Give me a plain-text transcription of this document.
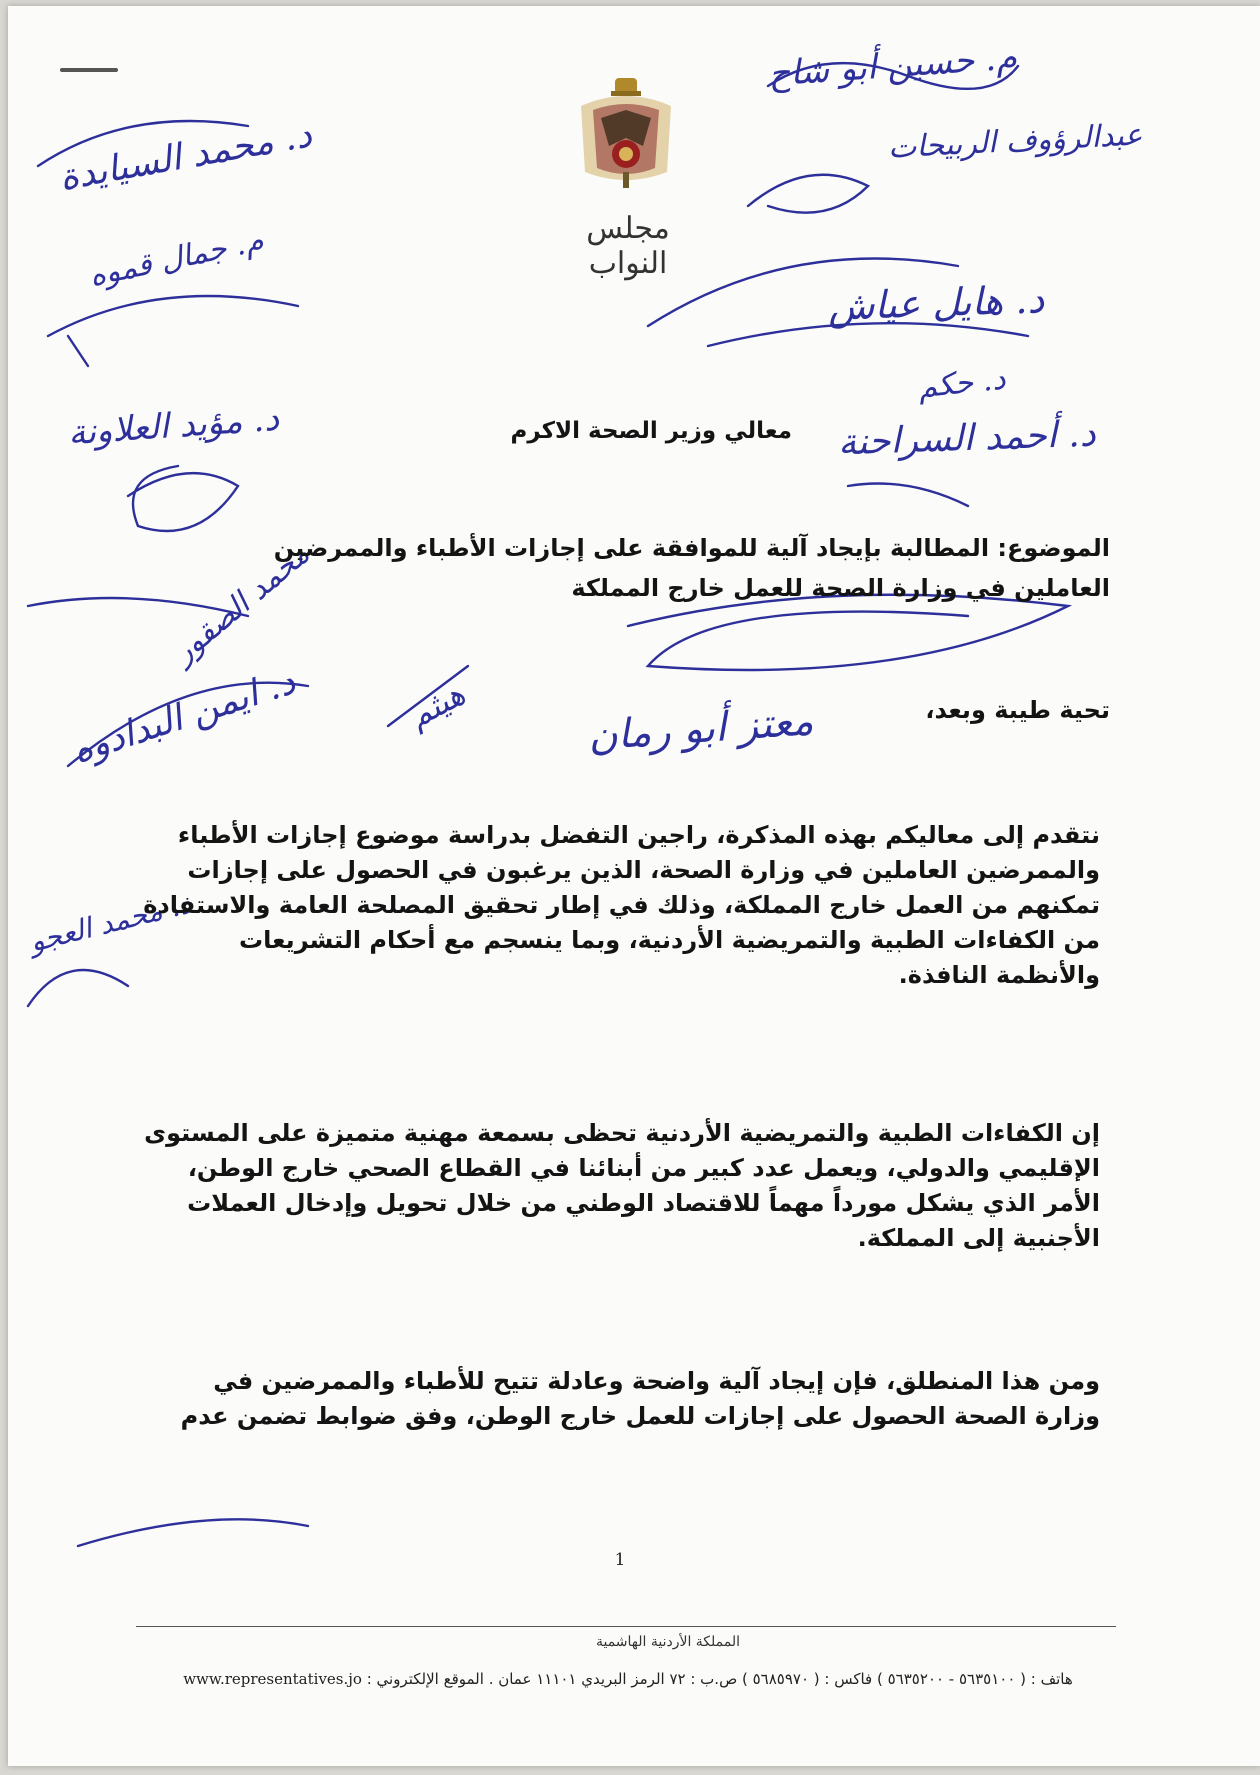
مجلس النواب
م. حسين أبو شاح
عبدالرؤوف الربيحات
د. محمد السيايدة
م. جمال قموه
د. هايل عياش
د. حكم
د. أحمد السراحنة
د. مؤيد العلاونة
محمد الصقور
د. ايمن البدادوه	هيثم	معتز أبو رمان
د. محمد العجو
معالي وزير الصحة الاكرم
الموضوع: المطالبة بإيجاد آلية للموافقة على إجازات الأطباء والممرضين العاملين في وزارة الصحة للعمل خارج المملكة
تحية طيبة وبعد،
نتقدم إلى معاليكم بهذه المذكرة، راجين التفضل بدراسة موضوع إجازات الأطباء والممرضين العاملين في وزارة الصحة، الذين يرغبون في الحصول على إجازات تمكنهم من العمل خارج المملكة، وذلك في إطار تحقيق المصلحة العامة والاستفادة من الكفاءات الطبية والتمريضية الأردنية، وبما ينسجم مع أحكام التشريعات والأنظمة النافذة.
إن الكفاءات الطبية والتمريضية الأردنية تحظى بسمعة مهنية متميزة على المستوى الإقليمي والدولي، ويعمل عدد كبير من أبنائنا في القطاع الصحي خارج الوطن، الأمر الذي يشكل مورداً مهماً للاقتصاد الوطني من خلال تحويل وإدخال العملات الأجنبية إلى المملكة.
ومن هذا المنطلق، فإن إيجاد آلية واضحة وعادلة تتيح للأطباء والممرضين في وزارة الصحة الحصول على إجازات للعمل خارج الوطن، وفق ضوابط تضمن عدم
1
المملكة الأردنية الهاشمية
هاتف : ( ٥٦٣٥١٠٠ - ٥٦٣٥٢٠٠ ) فاكس : ( ٥٦٨٥٩٧٠ ) ص.ب : ٧٢ الرمز البريدي ١١١٠١ عمان . الموقع الإلكتروني : www.representatives.jo
